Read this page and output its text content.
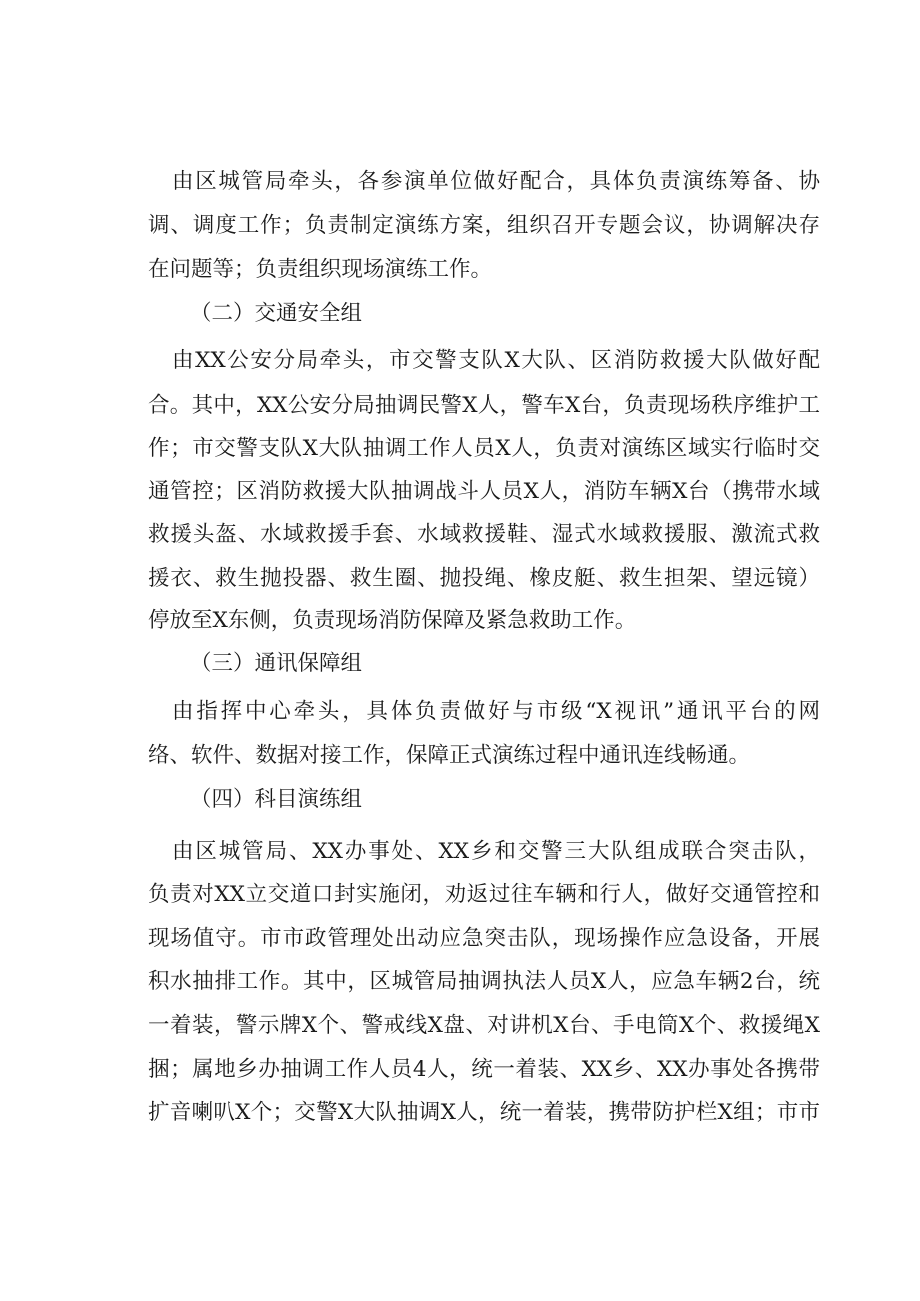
由区城管局牵头，各参演单位做好配合，具体负责演练筹备、协
调、调度工作；负责制定演练方案，组织召开专题会议，协调解决存
在问题等；负责组织现场演练工作。
（二）交通安全组
由XX公安分局牵头，市交警支队X大队、区消防救援大队做好配
合。其中，XX公安分局抽调民警X人，警车X台，负责现场秩序维护工
作；市交警支队X大队抽调工作人员X人，负责对演练区域实行临时交
通管控；区消防救援大队抽调战斗人员X人，消防车辆X台（携带水域
救援头盔、水域救援手套、水域救援鞋、湿式水域救援服、激流式救
援衣、救生抛投器、救生圈、抛投绳、橡皮艇、救生担架、望远镜）
停放至X东侧，负责现场消防保障及紧急救助工作。
（三）通讯保障组
由指挥中心牵头，具体负责做好与市级“X视讯”通讯平台的网
络、软件、数据对接工作，保障正式演练过程中通讯连线畅通。
（四）科目演练组
由区城管局、XX办事处、XX乡和交警三大队组成联合突击队，
负责对XX立交道口封实施闭，劝返过往车辆和行人，做好交通管控和
现场值守。市市政管理处出动应急突击队，现场操作应急设备，开展
积水抽排工作。其中，区城管局抽调执法人员X人，应急车辆2台，统
一着装，警示牌X个、警戒线X盘、对讲机X台、手电筒X个、救援绳X
捆；属地乡办抽调工作人员4人，统一着装、XX乡、XX办事处各携带
扩音喇叭X个；交警X大队抽调X人，统一着装，携带防护栏X组；市市
